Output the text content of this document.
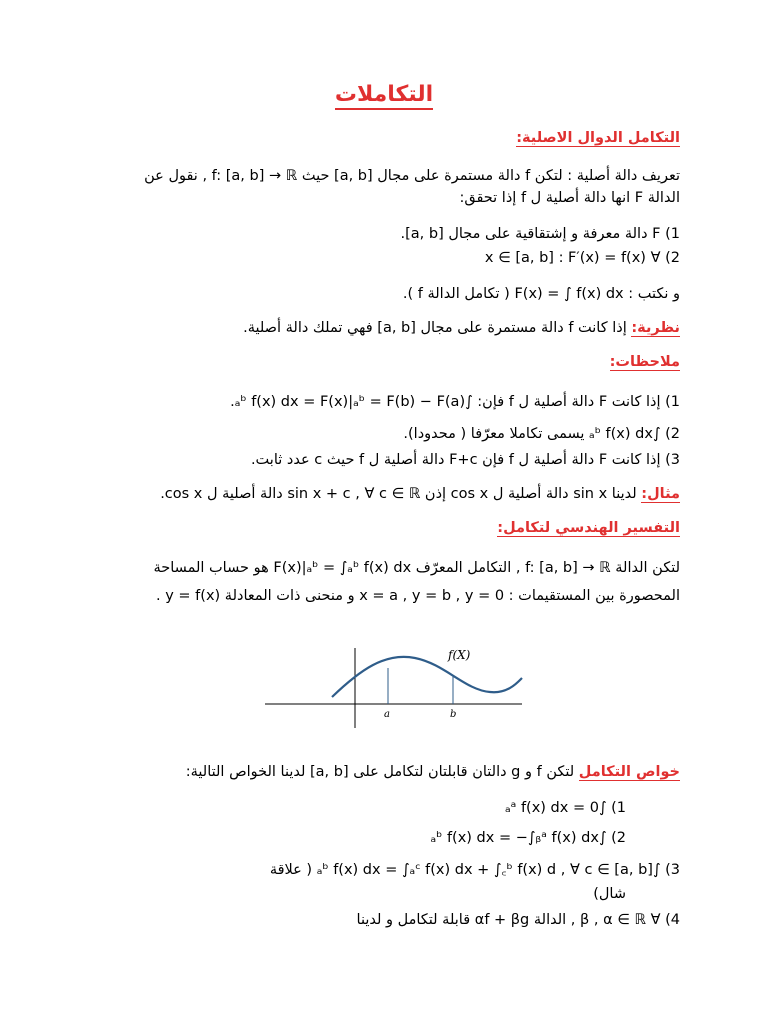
التكاملات
التكامل الدوال الاصلية:
تعريف دالة أصلية : لتكن f دالة مستمرة على مجال [a, b] حيث f: [a, b] → ℝ , نقول عن
الدالة F انها دالة أصلية ل f إذا تحقق:
1) F دالة معرفة و إشتقاقية على مجال [a, b].
2) ∀ x ∈ [a, b] : F′(x) = f(x)
و نكتب : F(x) = ∫ f(x) dx ( تكامل الدالة f ).
نظرية: إذا كانت f دالة مستمرة على مجال [a, b] فهي تملك دالة أصلية.
ملاحظات:
1) إذا كانت F دالة أصلية ل f فإن: ∫ₐᵇ f(x) dx = F(x)|ₐᵇ = F(b) − F(a).
2) ∫ₐᵇ f(x) dx يسمى تكاملا معرّفا ( محدودا).
3) إذا كانت F دالة أصلية ل f فإن F+c دالة أصلية ل f حيث c عدد ثابت.
مثال: لدينا sin x دالة أصلية ل cos x إذن sin x + c , ∀ c ∈ ℝ دالة أصلية ل cos x.
التفسير الهندسي لتكامل:
لتكن الدالة f: [a, b] → ℝ , التكامل المعرّف F(x)|ₐᵇ = ∫ₐᵇ f(x) dx هو حساب المساحة
المحصورة بين المستقيمات : x = a , y = b , y = 0 و منحنى ذات المعادلة y = f(x) .
f(X)
a	b
خواص التكامل لتكن f و g دالتان قابلتان لتكامل على [a, b] لدينا الخواص التالية:
1) ∫ₐᵃ f(x) dx = 0
2) ∫ₐᵇ f(x) dx = −∫ᵦᵃ f(x) dx
3) ∫ₐᵇ f(x) dx = ∫ₐᶜ f(x) dx + ∫꜀ᵇ f(x) d , ∀ c ∈ [a, b] ( علاقة
شال)
4) ∀ β , α ∈ ℝ , الدالة αf + βg قابلة لتكامل و لدينا
